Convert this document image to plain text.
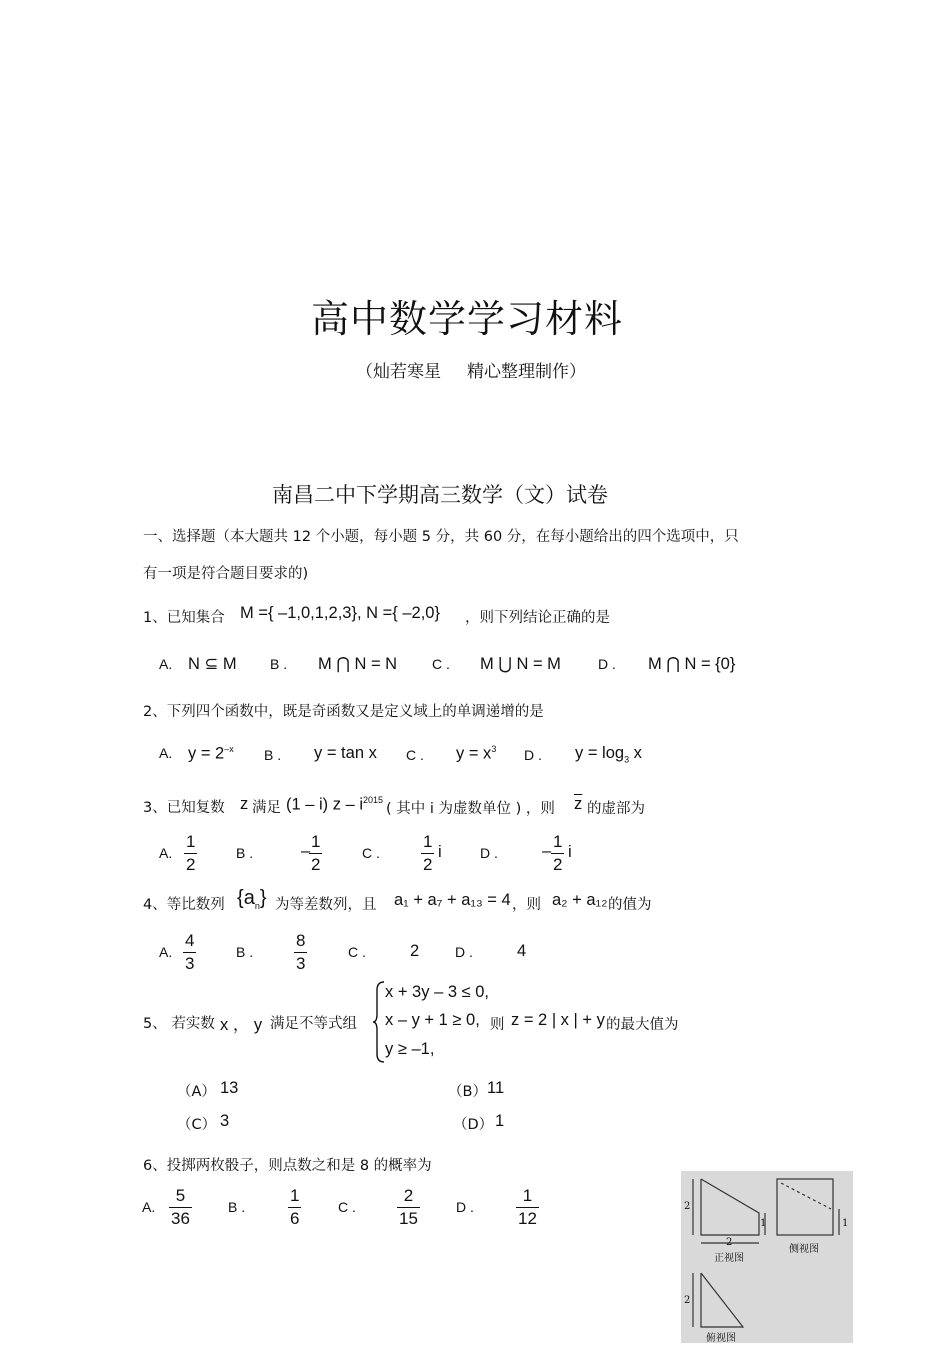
高中数学学习材料
（灿若寒星 精心整理制作）
南昌二中下学期高三数学（文）试卷
一、选择题（本大题共 12 个小题，每小题 5 分，共 60 分，在每小题给出的四个选项中，只
有一项是符合题目要求的)
1、已知集合 M ={ –1,0,1,2,3}, N ={ –2,0} ，则下列结论正确的是
A. N ⊆ M B . M ⋂ N = N C . M ⋃ N = M	D . M ⋂ N = {0}
2、下列四个函数中，既是奇函数又是定义域上的单调递增的是
A. $y = 2^{-x}$ B . y = tan x C . $y = x^3$ D . $y = \log_3 x$
3、已知复数 z 满足 (1 – i) z – $i^{2015}$
( 其中 i 为虚数单位 ) ，则 $\overline{z}$ 的虚部为
A. $\frac{1}{2}$	B .	–
$\frac{1}{2}$	C . $\frac{1}{2}$ i	D .	– $\frac{1}{2}$ i
4、等比数列 $\{a_n\}$ 为等差数列，且 a₁ + a₇ + a₁₃ = 4 ，则 a₂ + a₁₂ 的值为
A. $\frac{4}{3}$	B . $\frac{8}{3}$	C .	2	D .	4
5、 若实数 x ， y 满足不等式组
x + 3y – 3 ≤ 0,
x – y + 1 ≥ 0,
y ≥ –1,
则 z = 2 | x | + y 的最大值为
（A） 13	（B） 11
（C） 3	（D） 1
6、投掷两枚骰子，则点数之和是 8 的概率为
A. $\frac{5}{36}$	B .	$\frac{1}{6}$	C . $\frac{2}{15}$	D . $\frac{1}{12}$	2
1
2
1
2
正视图
侧视图
俯视图
